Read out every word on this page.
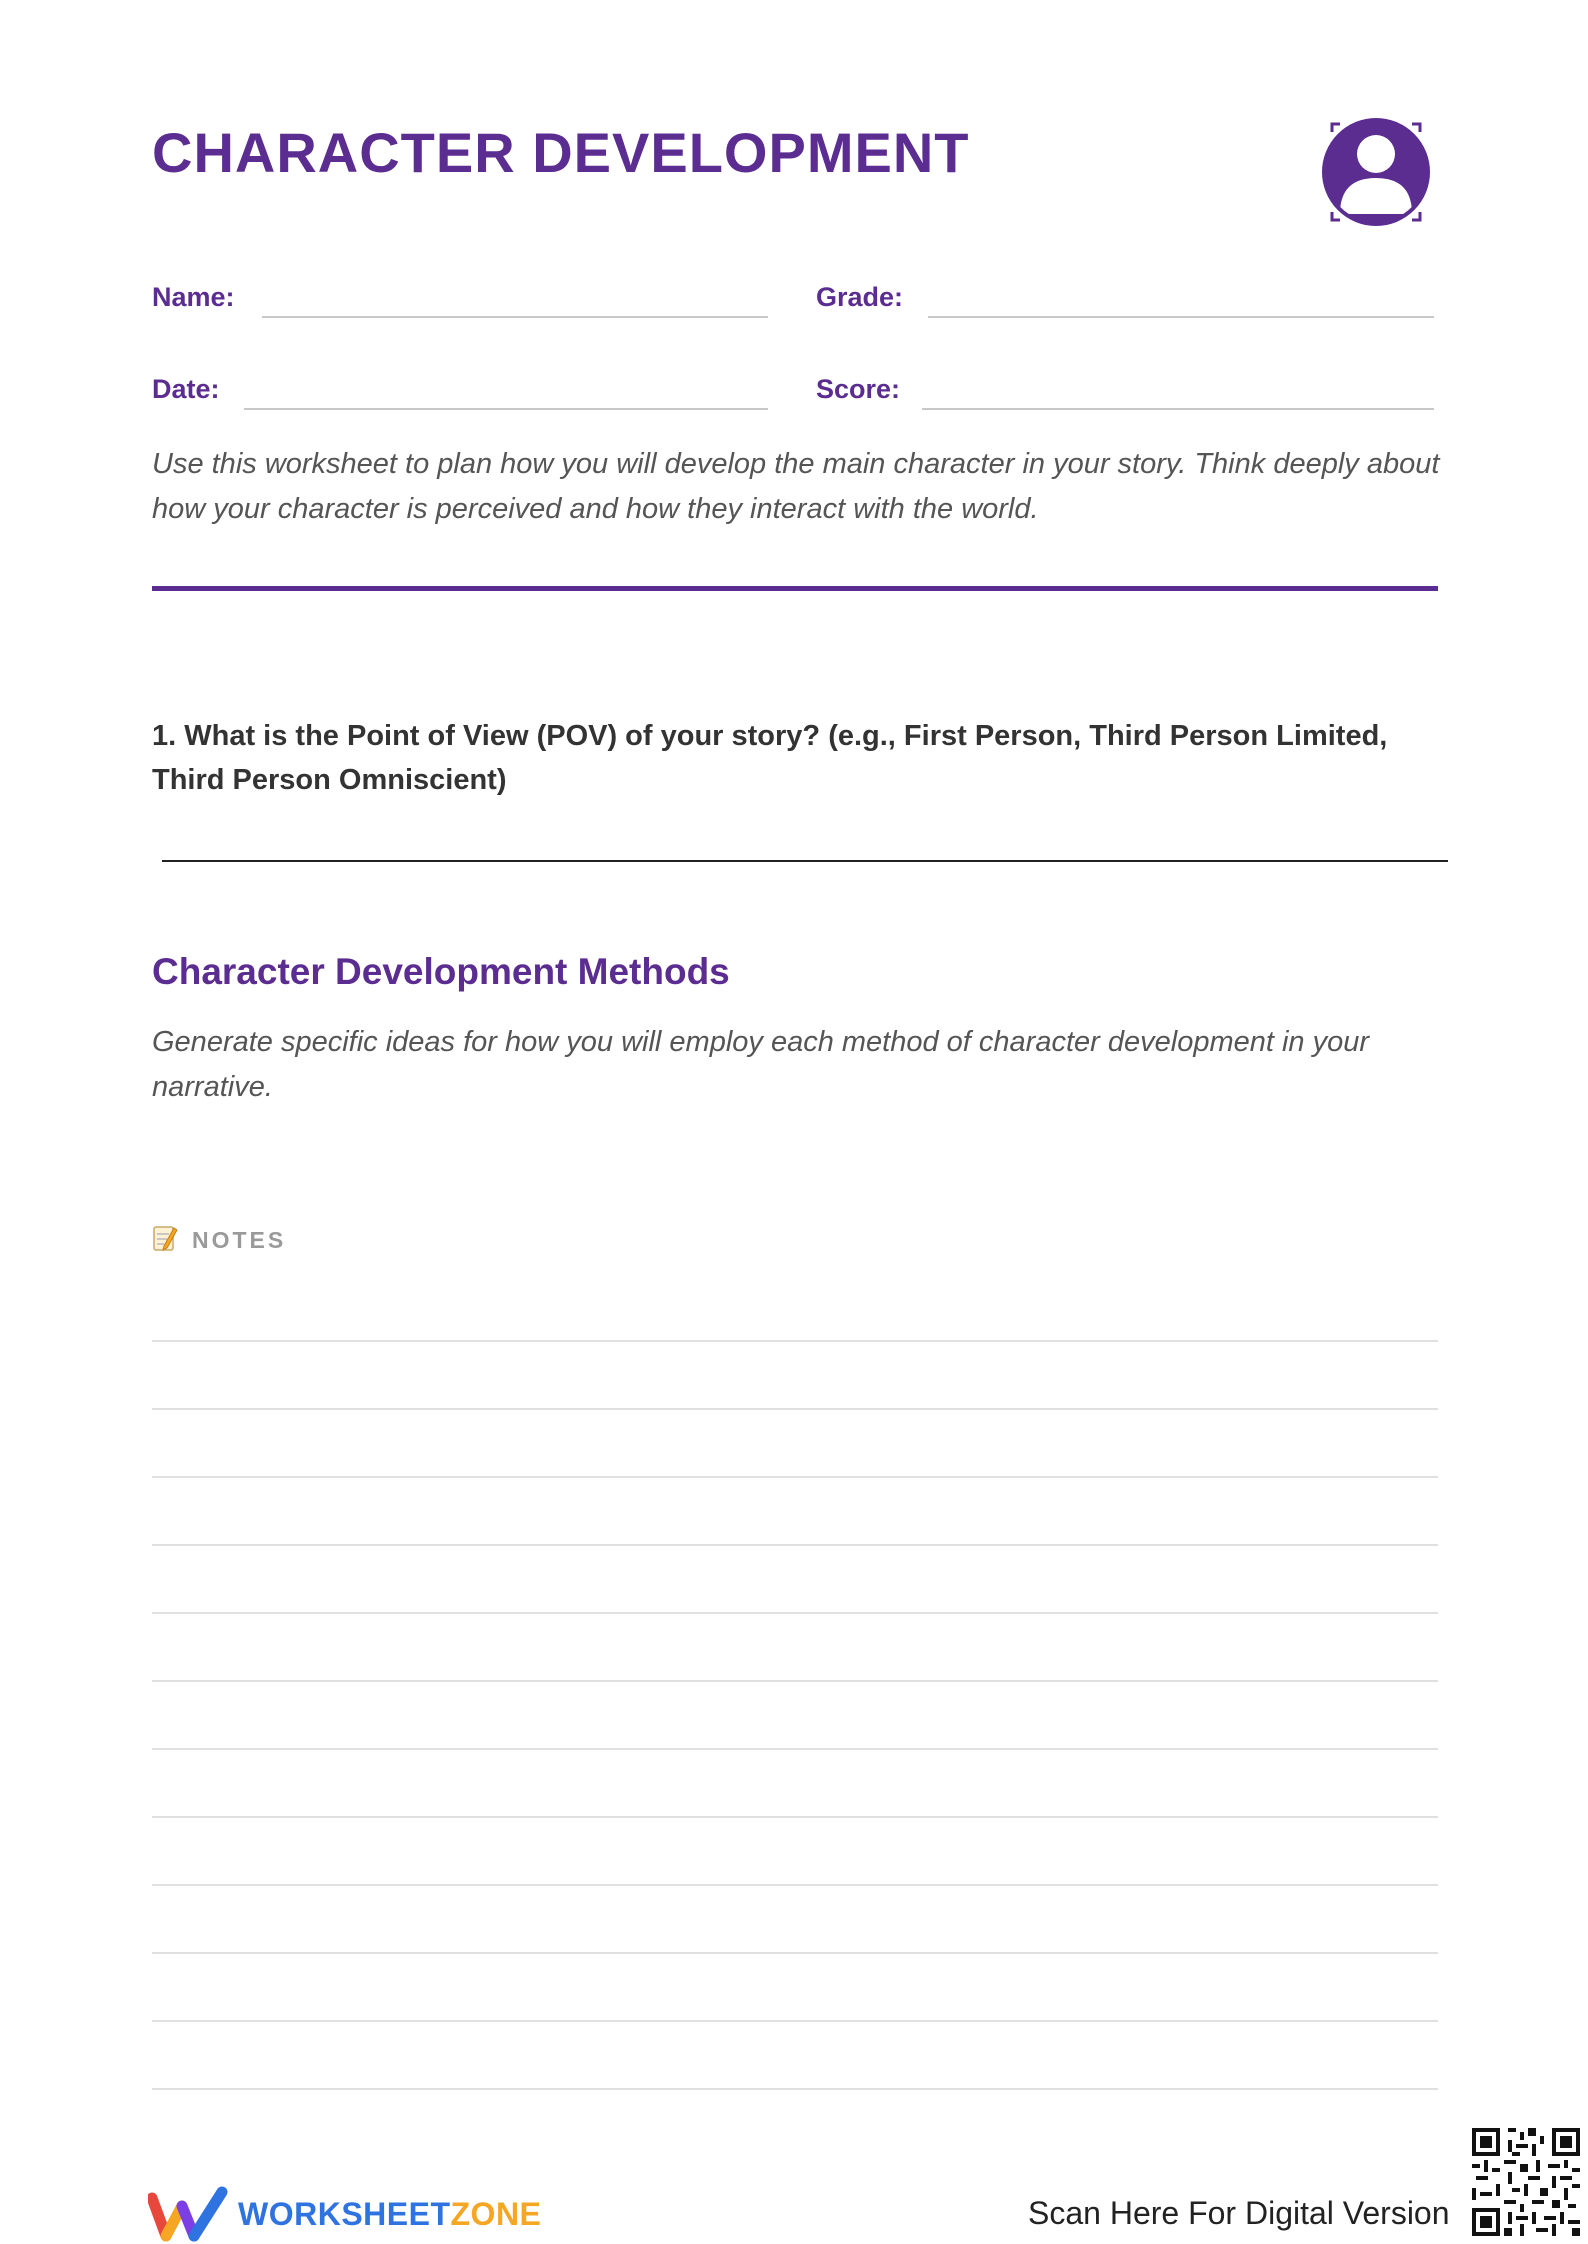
CHARACTER DEVELOPMENT
Name:	Grade:
Date:	Score:
Use this worksheet to plan how you will develop the main character in your story. Think deeply about how your character is perceived and how they interact with the world.
1. What is the Point of View (POV) of your story? (e.g., First Person, Third Person Limited, Third Person Omniscient)
Character Development Methods
Generate specific ideas for how you will employ each method of character development in your narrative.
NOTES
WORKSHEETZONE	Scan Here For Digital Version
